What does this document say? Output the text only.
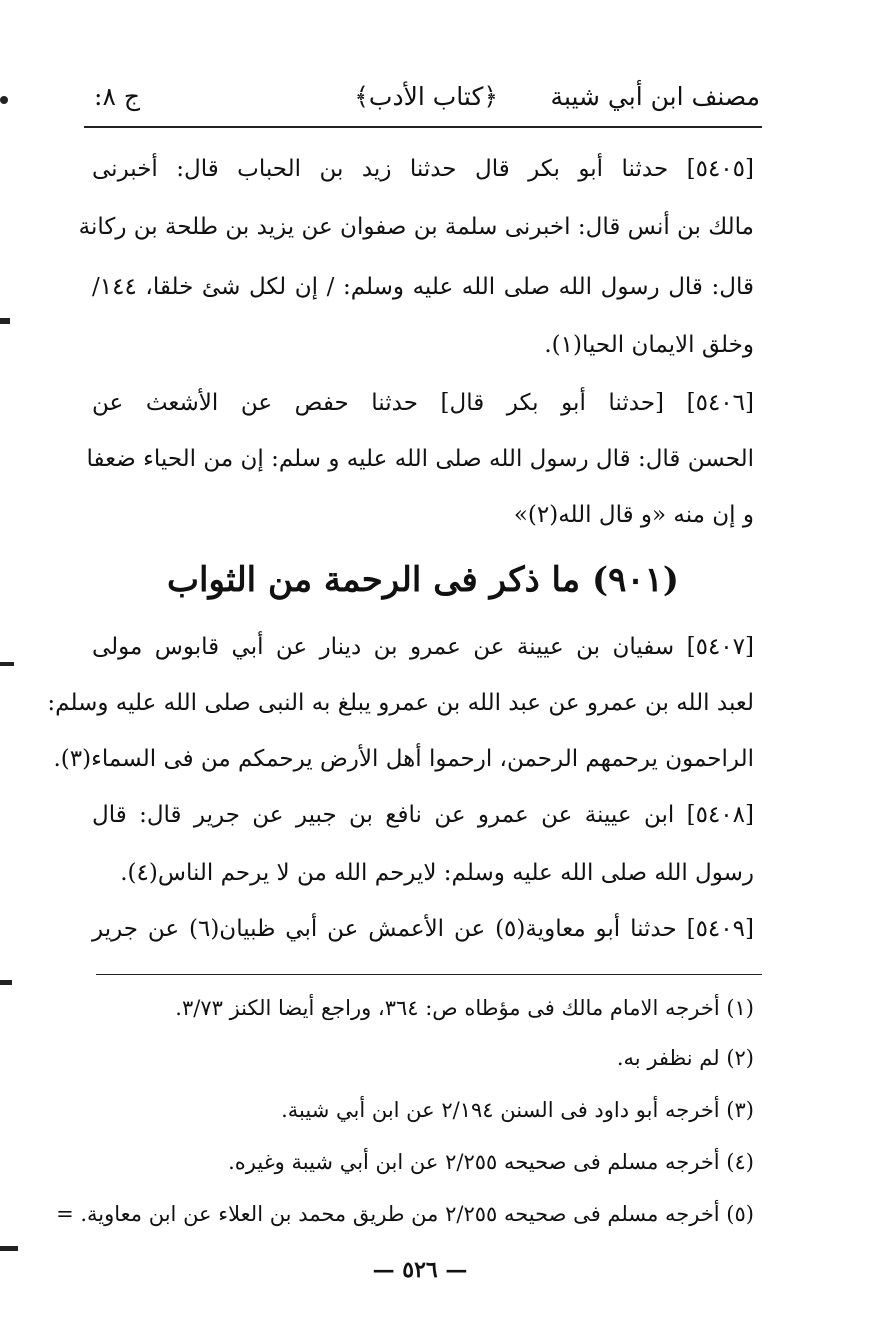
مصنف ابن أبي شيبة
﴿كتاب الأدب﴾
ج ٨:
[٥٤٠٥] حدثنا أبو بكر قال حدثنا زيد بن الحباب قال: أخبرنى
مالك بن أنس قال: اخبرنى سلمة بن صفوان عن يزيد بن طلحة بن ركانة
قال: قال رسول الله صلى الله عليه وسلم: / إن لكل شئ خلقا، ١٤٤/
وخلق الايمان الحيا(١).
[٥٤٠٦] [حدثنا أبو بكر قال] حدثنا حفص عن الأشعث عن
الحسن قال: قال رسول الله صلى الله عليه و سلم: إن من الحياء ضعفا
و إن منه «و قال الله(٢)»
(٩٠١) ما ذكر فى الرحمة من الثواب
[٥٤٠٧] سفيان بن عيينة عن عمرو بن دينار عن أبي قابوس مولى
لعبد الله بن عمرو عن عبد الله بن عمرو يبلغ به النبى صلى الله عليه وسلم:
الراحمون يرحمهم الرحمن، ارحموا أهل الأرض يرحمكم من فى السماء(٣).
[٥٤٠٨] ابن عيينة عن عمرو عن نافع بن جبير عن جرير قال: قال
رسول الله صلى الله عليه وسلم: لايرحم الله من لا يرحم الناس(٤).
[٥٤٠٩] حدثنا أبو معاوية(٥) عن الأعمش عن أبي ظبيان(٦) عن جرير
(١) أخرجه الامام مالك فى مؤطاه ص: ٣٦٤، وراجع أيضا الكنز ٣/٧٣.
(٢) لم نظفر به.
(٣) أخرجه أبو داود فى السنن ٢/١٩٤ عن ابن أبي شيبة.
(٤) أخرجه مسلم فى صحيحه ٢/٢٥٥ عن ابن أبي شيبة وغيره.
(٥) أخرجه مسلم فى صحيحه ٢/٢٥٥ من طريق محمد بن العلاء عن ابن معاوية. =
— ٥٢٦ —
